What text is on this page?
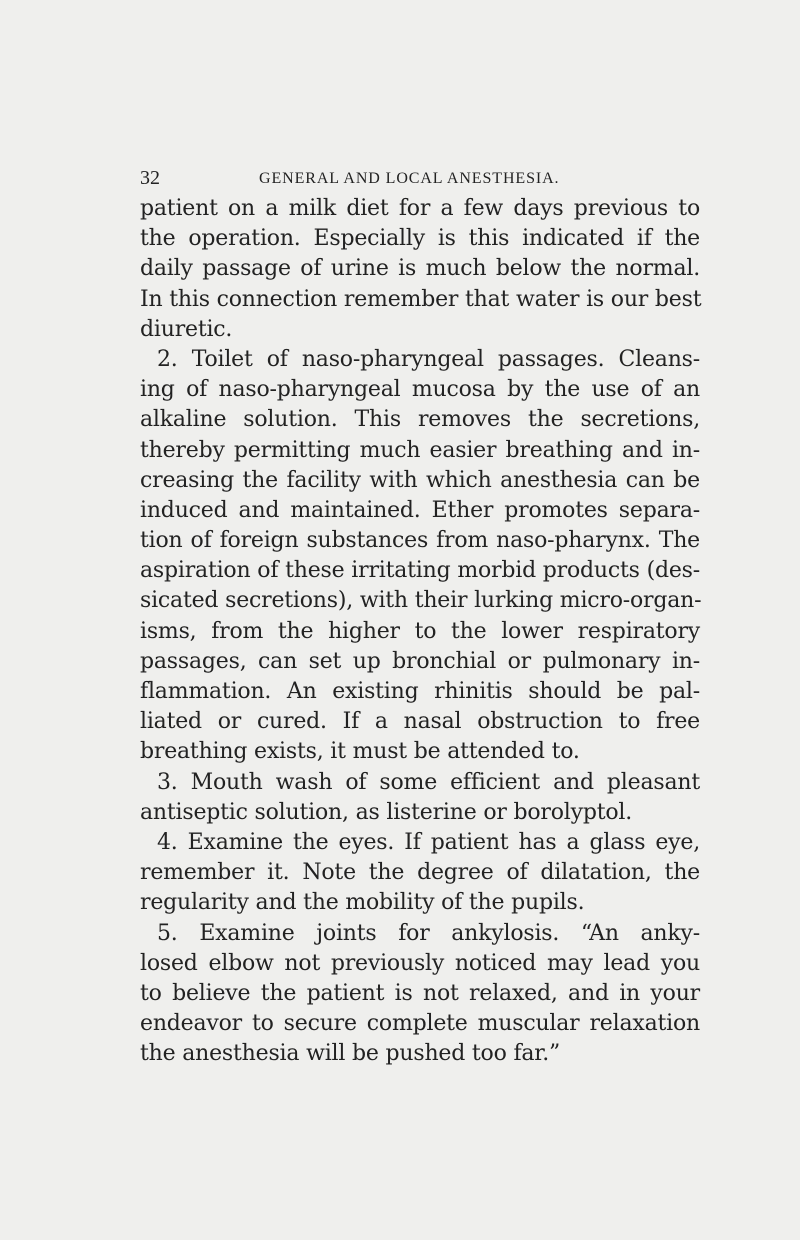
32	GENERAL AND LOCAL ANESTHESIA.
patient on a milk diet for a few days previous to
the operation. Especially is this indicated if the
daily passage of urine is much below the normal.
In this connection remember that water is our best
diuretic.
2. Toilet of naso-pharyngeal passages. Cleans-
ing of naso-pharyngeal mucosa by the use of an
alkaline solution. This removes the secretions,
thereby permitting much easier breathing and in-
creasing the facility with which anesthesia can be
induced and maintained. Ether promotes separa-
tion of foreign substances from naso-pharynx. The
aspiration of these irritating morbid products (des-
sicated secretions), with their lurking micro-organ-
isms, from the higher to the lower respiratory
passages, can set up bronchial or pulmonary in-
flammation. An existing rhinitis should be pal-
liated or cured. If a nasal obstruction to free
breathing exists, it must be attended to.
3. Mouth wash of some efficient and pleasant
antiseptic solution, as listerine or borolyptol.
4. Examine the eyes. If patient has a glass eye,
remember it. Note the degree of dilatation, the
regularity and the mobility of the pupils.
5. Examine joints for ankylosis. “An anky-
losed elbow not previously noticed may lead you
to believe the patient is not relaxed, and in your
endeavor to secure complete muscular relaxation
the anesthesia will be pushed too far.”
